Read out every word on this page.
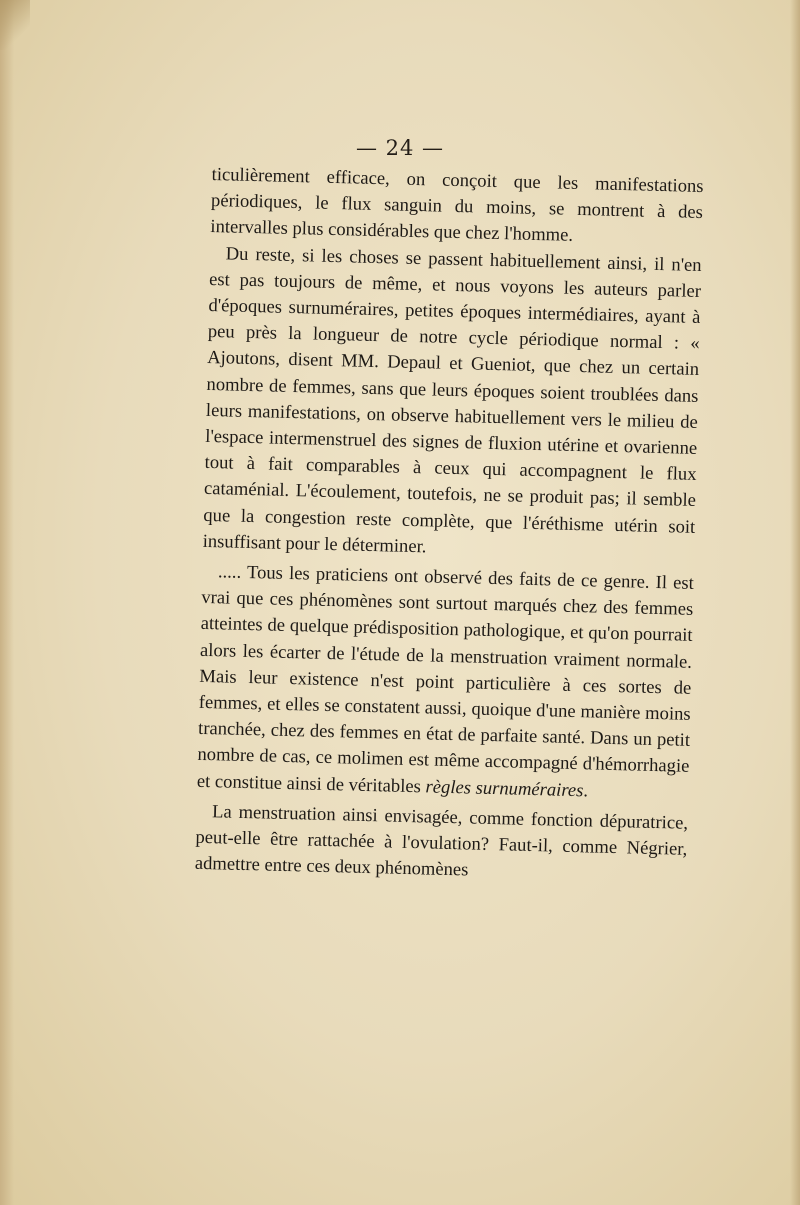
— 24 —

ticulièrement efficace, on conçoit que les manifestations périodiques, le flux sanguin du moins, se montrent à des intervalles plus considérables que chez l'homme.

Du reste, si les choses se passent habituellement ainsi, il n'en est pas toujours de même, et nous voyons les auteurs parler d'époques surnuméraires, petites époques intermédiaires, ayant à peu près la longueur de notre cycle périodique normal : « Ajoutons, disent MM. Depaul et Gueniot, que chez un certain nombre de femmes, sans que leurs époques soient troublées dans leurs manifestations, on observe habituellement vers le milieu de l'espace intermenstruel des signes de fluxion utérine et ovarienne tout à fait comparables à ceux qui accompagnent le flux cataménial. L'écoulement, toutefois, ne se produit pas; il semble que la congestion reste complète, que l'éréthisme utérin soit insuffisant pour le déterminer.

..... Tous les praticiens ont observé des faits de ce genre. Il est vrai que ces phénomènes sont surtout marqués chez des femmes atteintes de quelque prédisposition pathologique, et qu'on pourrait alors les écarter de l'étude de la menstruation vraiment normale. Mais leur existence n'est point particulière à ces sortes de femmes, et elles se constatent aussi, quoique d'une manière moins tranchée, chez des femmes en état de parfaite santé. Dans un petit nombre de cas, ce molimen est même accompagné d'hémorrhagie et constitue ainsi de véritables règles surnuméraires.

La menstruation ainsi envisagée, comme fonction dépuratrice, peut-elle être rattachée à l'ovulation? Faut-il, comme Négrier, admettre entre ces deux phénomènes
